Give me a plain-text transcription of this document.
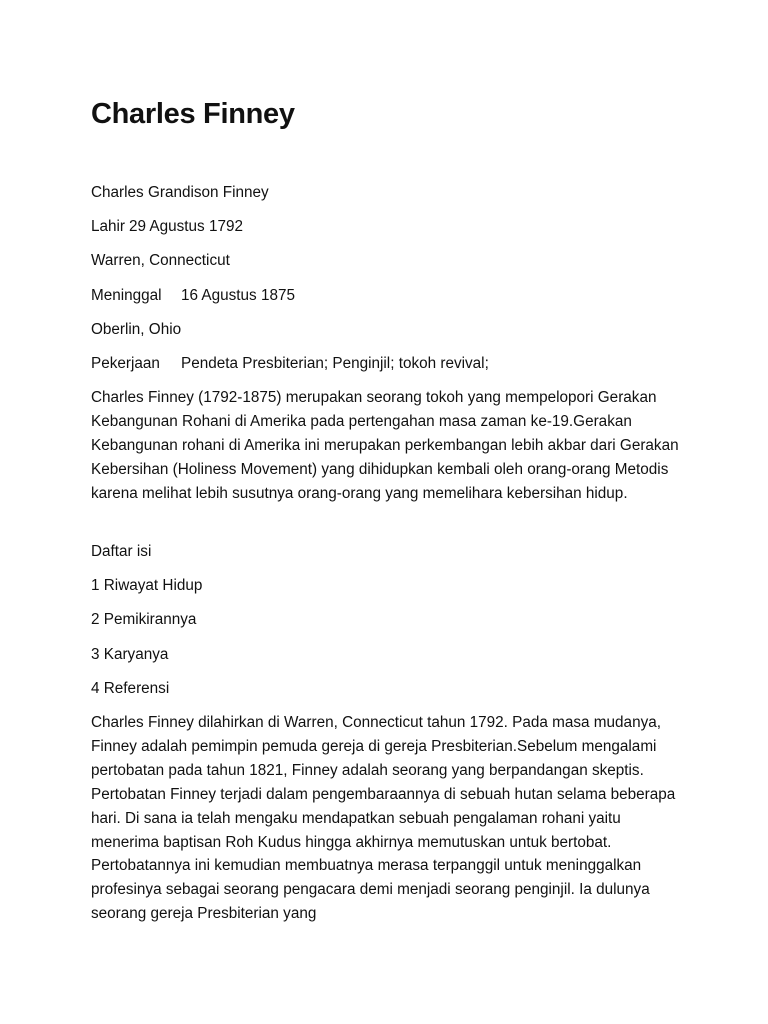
Charles Finney
Charles Grandison Finney
Lahir 29 Agustus 1792
Warren, Connecticut
Meninggal 16 Agustus 1875
Oberlin, Ohio
Pekerjaan Pendeta Presbiterian; Penginjil; tokoh revival;

Charles Finney (1792-1875) merupakan seorang tokoh yang mempelopori Gerakan Kebangunan Rohani di Amerika pada pertengahan masa zaman ke-19.Gerakan Kebangunan rohani di Amerika ini merupakan perkembangan lebih akbar dari Gerakan Kebersihan (Holiness Movement) yang dihidupkan kembali oleh orang-orang Metodis karena melihat lebih susutnya orang-orang yang memelihara kebersihan hidup.

Daftar isi
1 Riwayat Hidup
2 Pemikirannya
3 Karyanya
4 Referensi

Charles Finney dilahirkan di Warren, Connecticut tahun 1792. Pada masa mudanya, Finney adalah pemimpin pemuda gereja di gereja Presbiterian.Sebelum mengalami pertobatan pada tahun 1821, Finney adalah seorang yang berpandangan skeptis. Pertobatan Finney terjadi dalam pengembaraannya di sebuah hutan selama beberapa hari. Di sana ia telah mengaku mendapatkan sebuah pengalaman rohani yaitu menerima baptisan Roh Kudus hingga akhirnya memutuskan untuk bertobat. Pertobatannya ini kemudian membuatnya merasa terpanggil untuk meninggalkan profesinya sebagai seorang pengacara demi menjadi seorang penginjil. Ia dulunya seorang gereja Presbiterian yang
